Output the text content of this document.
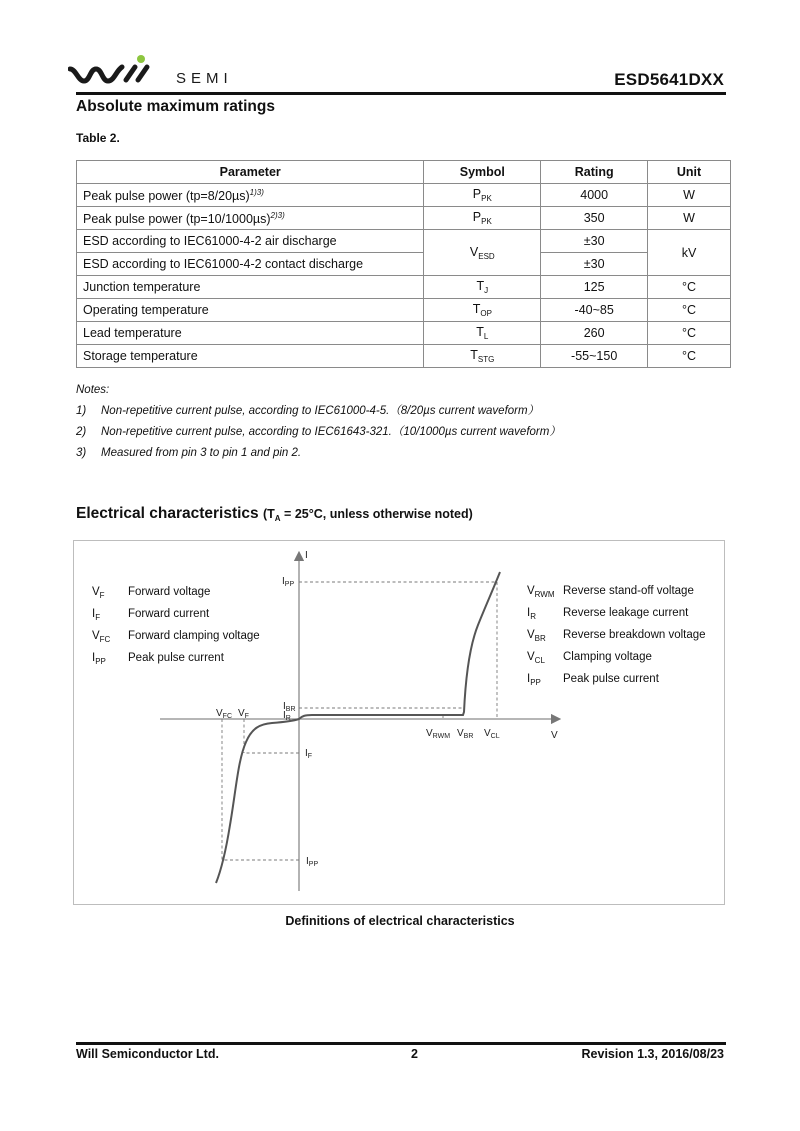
SEMI	ESD5641DXX
Absolute maximum ratings
Table 2.
Parameter	Symbol	Rating	Unit
Peak pulse power (tp=8/20µs)$^{1)3)}$	$P_{PK}$	4000	W
Peak pulse power (tp=10/1000µs)$^{2)3)}$	$P_{PK}$	350	W
ESD according to IEC61000-4-2 air discharge	$V_{ESD}$	±30	kV
ESD according to IEC61000-4-2 contact discharge		±30	
Junction temperature	$T_J$	125	°C
Operating temperature	$T_{OP}$	-40~85	°C
Lead temperature	$T_L$	260	°C
Storage temperature	$T_{STG}$	-55~150	°C
Notes:
1)	Non-repetitive current pulse, according to IEC61000-4-5.（8/20µs current waveform）
2)	Non-repetitive current pulse, according to IEC61643-321.（10/1000µs current waveform）
3)	Measured from pin 3 to pin 1 and pin 2.
Electrical characteristics ($T_A = 25^\circ C$, unless otherwise noted)
I
V
$I_{PP}$
$I_{BR}$
$I_R$
$V_{FC}$ $V_F$
$I_F$
$I_{PP}$
$V_{RWM}$ $V_{BR}$ $V_{CL}$
$V_F$	Forward voltage
$I_F$	Forward current
$V_{FC}$	Forward clamping voltage
$I_{PP}$	Peak pulse current
$V_{RWM}$ Reverse stand-off voltage
$I_R$	Reverse leakage current
$V_{BR}$	Reverse breakdown voltage
$V_{CL}$	Clamping voltage
$I_{PP}$	Peak pulse current
Definitions of electrical characteristics
Will Semiconductor Ltd.	2	Revision 1.3, 2016/08/23
